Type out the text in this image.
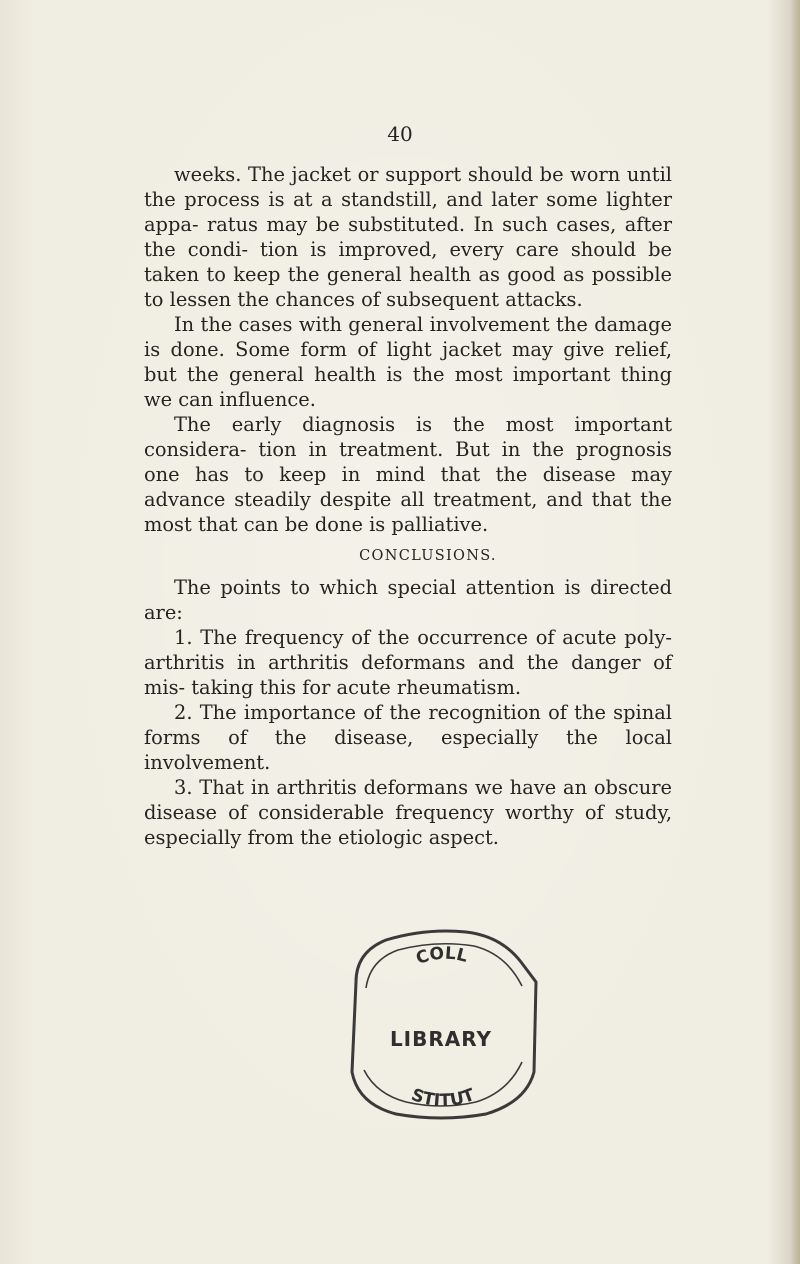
40

weeks. The jacket or support should be worn until the process is at a standstill, and later some lighter appa- ratus may be substituted. In such cases, after the condi- tion is improved, every care should be taken to keep the general health as good as possible to lessen the chances of subsequent attacks.

In the cases with general involvement the damage is done. Some form of light jacket may give relief, but the general health is the most important thing we can influence.

The early diagnosis is the most important considera- tion in treatment. But in the prognosis one has to keep in mind that the disease may advance steadily despite all treatment, and that the most that can be done is palliative.

CONCLUSIONS.

The points to which special attention is directed are:

1. The frequency of the occurrence of acute poly- arthritis in arthritis deformans and the danger of mis- taking this for acute rheumatism.

2. The importance of the recognition of the spinal forms of the disease, especially the local involvement.

3. That in arthritis deformans we have an obscure disease of considerable frequency worthy of study, especially from the etiologic aspect.

COLL
LIBRARY
STITUT
